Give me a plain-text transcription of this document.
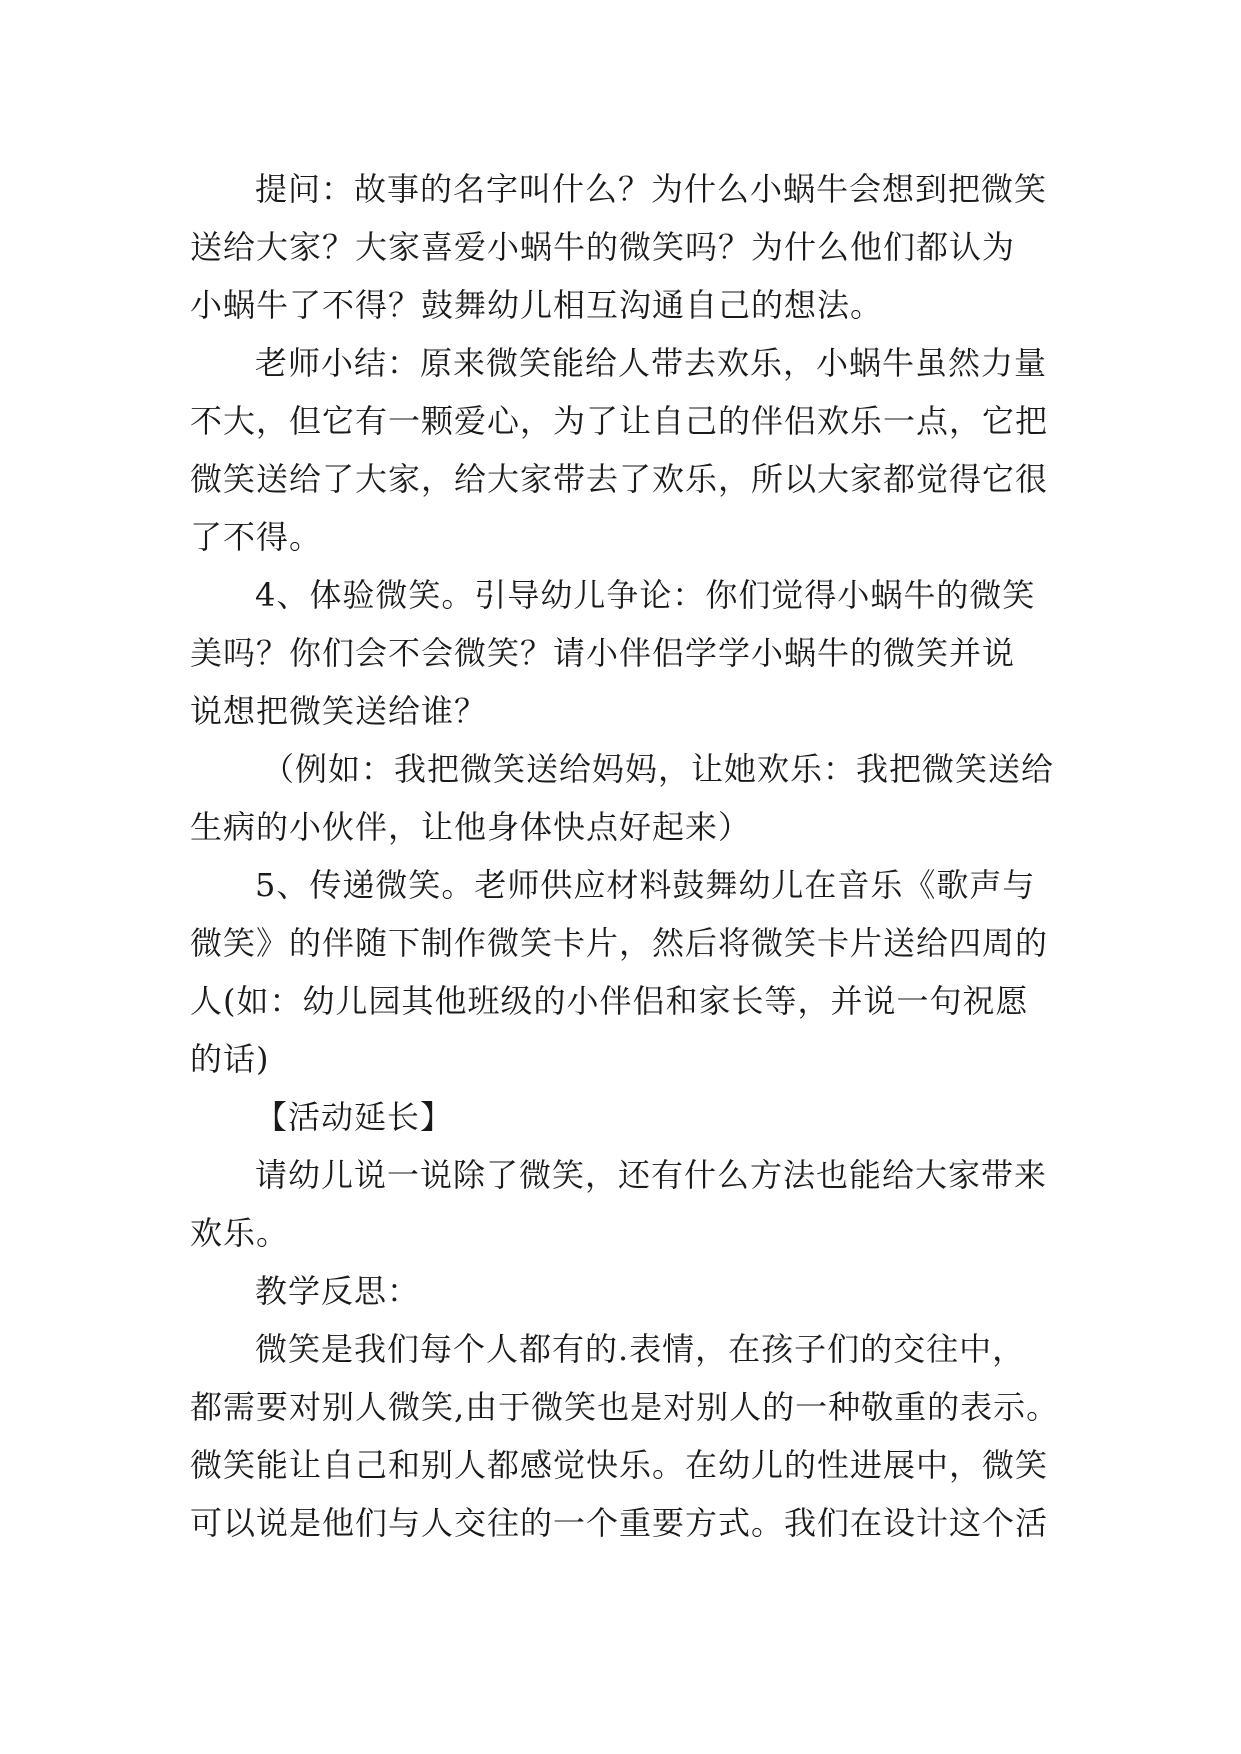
提问：故事的名字叫什么？为什么小蜗牛会想到把微笑
送给大家？大家喜爱小蜗牛的微笑吗？为什么他们都认为
小蜗牛了不得？鼓舞幼儿相互沟通自己的想法。
老师小结：原来微笑能给人带去欢乐，小蜗牛虽然力量
不大，但它有一颗爱心，为了让自己的伴侣欢乐一点，它把
微笑送给了大家，给大家带去了欢乐，所以大家都觉得它很
了不得。
4、体验微笑。引导幼儿争论：你们觉得小蜗牛的微笑
美吗？你们会不会微笑？请小伴侣学学小蜗牛的微笑并说
说想把微笑送给谁？
（例如：我把微笑送给妈妈，让她欢乐：我把微笑送给
生病的小伙伴，让他身体快点好起来）
5、传递微笑。老师供应材料鼓舞幼儿在音乐《歌声与
微笑》的伴随下制作微笑卡片，然后将微笑卡片送给四周的
人(如：幼儿园其他班级的小伴侣和家长等，并说一句祝愿
的话)
【活动延长】
请幼儿说一说除了微笑，还有什么方法也能给大家带来
欢乐。
教学反思：
微笑是我们每个人都有的.表情，在孩子们的交往中，
都需要对别人微笑,由于微笑也是对别人的一种敬重的表示。
微笑能让自己和别人都感觉快乐。在幼儿的性进展中，微笑
可以说是他们与人交往的一个重要方式。我们在设计这个活
